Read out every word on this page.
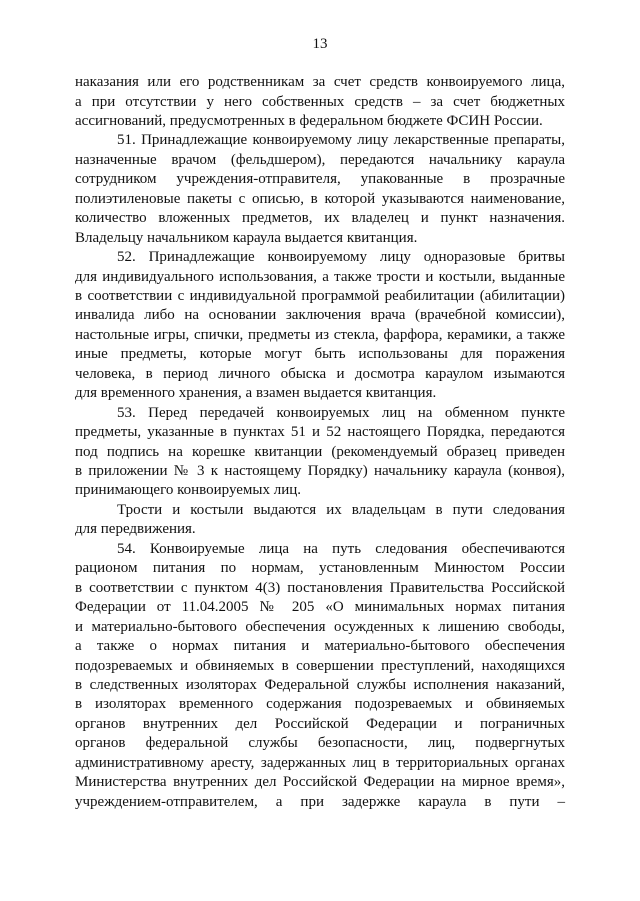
13
наказания или его родственникам за счет средств конвоируемого лица,
а при отсутствии у него собственных средств – за счет бюджетных
ассигнований, предусмотренных в федеральном бюджете ФСИН России.
51. Принадлежащие конвоируемому лицу лекарственные препараты,
назначенные врачом (фельдшером), передаются начальнику караула
сотрудником учреждения-отправителя, упакованные в прозрачные
полиэтиленовые пакеты с описью, в которой указываются наименование,
количество вложенных предметов, их владелец и пункт назначения.
Владельцу начальником караула выдается квитанция.
52. Принадлежащие конвоируемому лицу одноразовые бритвы
для индивидуального использования, а также трости и костыли, выданные
в соответствии с индивидуальной программой реабилитации (абилитации)
инвалида либо на основании заключения врача (врачебной комиссии),
настольные игры, спички, предметы из стекла, фарфора, керамики, а также
иные предметы, которые могут быть использованы для поражения
человека, в период личного обыска и досмотра караулом изымаются
для временного хранения, а взамен выдается квитанция.
53. Перед передачей конвоируемых лиц на обменном пункте
предметы, указанные в пунктах 51 и 52 настоящего Порядка, передаются
под подпись на корешке квитанции (рекомендуемый образец приведен
в приложении № 3 к настоящему Порядку) начальнику караула (конвоя),
принимающего конвоируемых лиц.
Трости и костыли выдаются их владельцам в пути следования
для передвижения.
54. Конвоируемые лица на путь следования обеспечиваются
рационом питания по нормам, установленным Минюстом России
в соответствии с пунктом 4(3) постановления Правительства Российской
Федерации от 11.04.2005 № 205 «О минимальных нормах питания
и материально-бытового обеспечения осужденных к лишению свободы,
а также о нормах питания и материально-бытового обеспечения
подозреваемых и обвиняемых в совершении преступлений, находящихся
в следственных изоляторах Федеральной службы исполнения наказаний,
в изоляторах временного содержания подозреваемых и обвиняемых
органов внутренних дел Российской Федерации и пограничных
органов федеральной службы безопасности, лиц, подвергнутых
административному аресту, задержанных лиц в территориальных органах
Министерства внутренних дел Российской Федерации на мирное время»,
учреждением-отправителем, а при задержке караула в пути –
